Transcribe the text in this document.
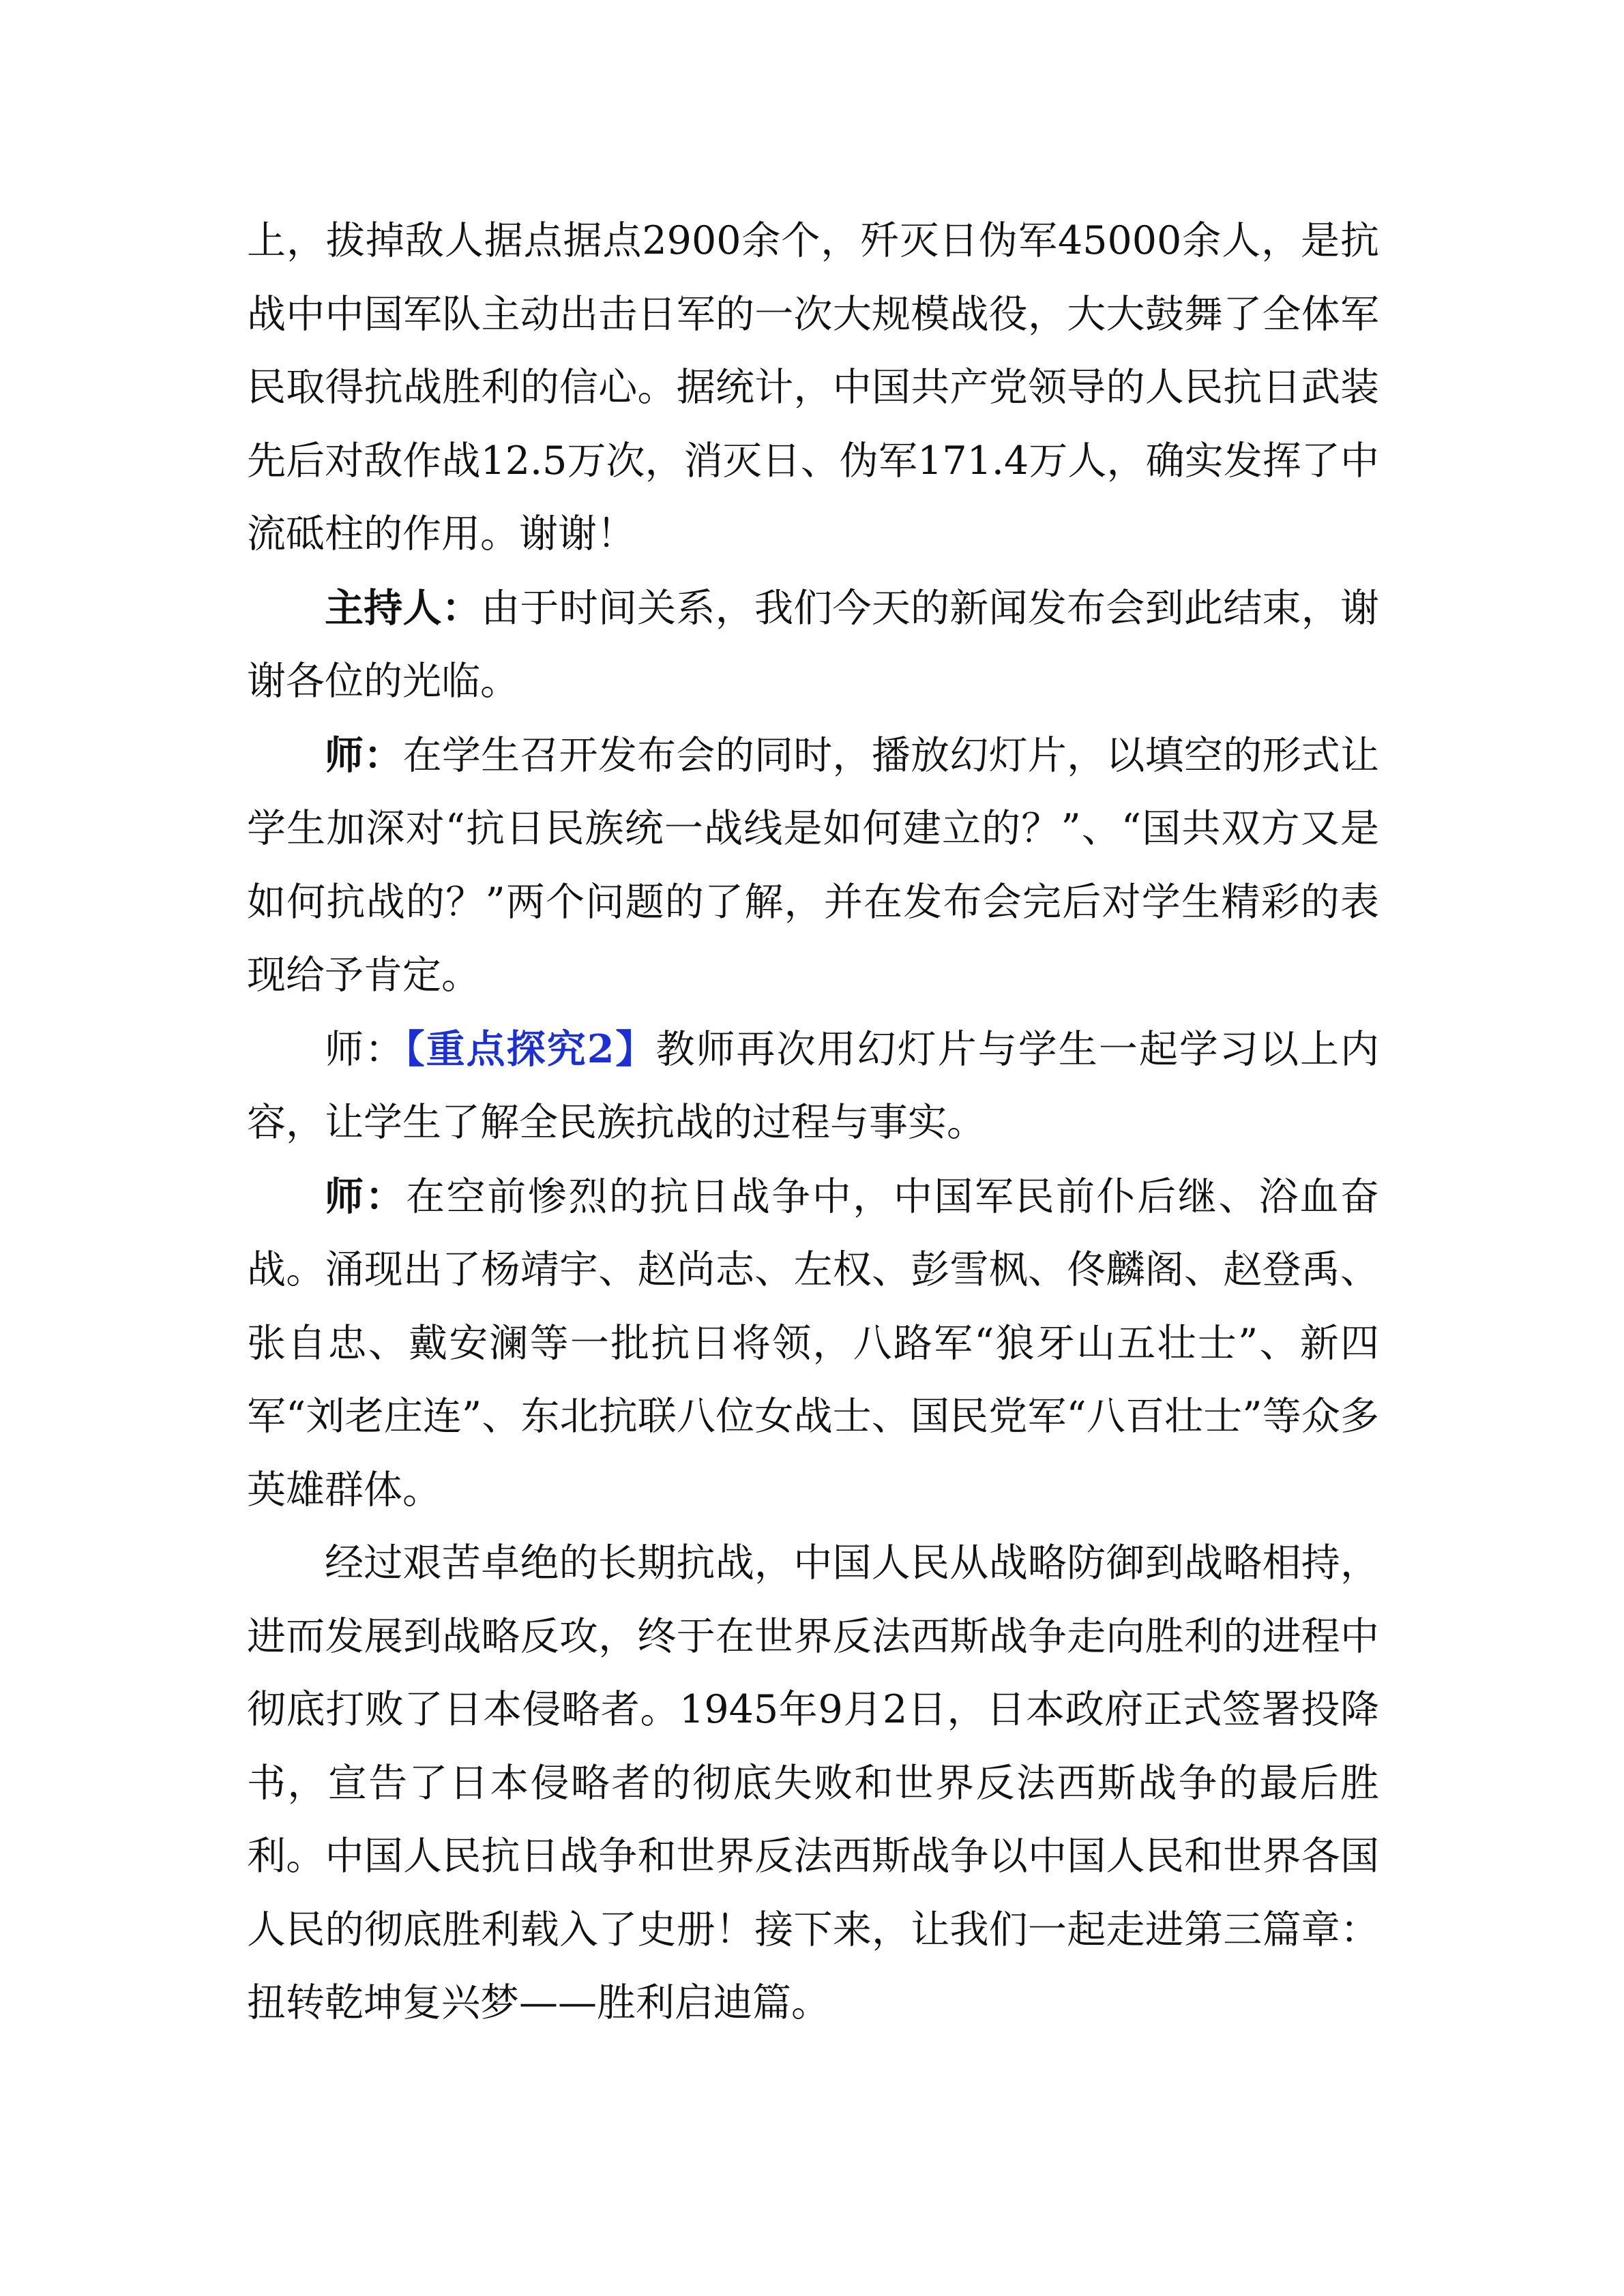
上，拔掉敌人据点据点2900余个，歼灭日伪军45000余人，是抗战中中国军队主动出击日军的一次大规模战役，大大鼓舞了全体军民取得抗战胜利的信心。据统计，中国共产党领导的人民抗日武装先后对敌作战12.5万次，消灭日、伪军171.4万人，确实发挥了中流砥柱的作用。谢谢！

主持人：由于时间关系，我们今天的新闻发布会到此结束，谢谢各位的光临。

师：在学生召开发布会的同时，播放幻灯片，以填空的形式让学生加深对“抗日民族统一战线是如何建立的？”、“国共双方又是如何抗战的？”两个问题的了解，并在发布会完后对学生精彩的表现给予肯定。

师：【重点探究2】教师再次用幻灯片与学生一起学习以上内容，让学生了解全民族抗战的过程与事实。

师：在空前惨烈的抗日战争中，中国军民前仆后继、浴血奋战。涌现出了杨靖宇、赵尚志、左权、彭雪枫、佟麟阁、赵登禹、张自忠、戴安澜等一批抗日将领，八路军“狼牙山五壮士”、新四军“刘老庄连”、东北抗联八位女战士、国民党军“八百壮士”等众多英雄群体。

经过艰苦卓绝的长期抗战，中国人民从战略防御到战略相持，进而发展到战略反攻，终于在世界反法西斯战争走向胜利的进程中彻底打败了日本侵略者。1945年9月2日，日本政府正式签署投降书，宣告了日本侵略者的彻底失败和世界反法西斯战争的最后胜利。中国人民抗日战争和世界反法西斯战争以中国人民和世界各国人民的彻底胜利载入了史册！接下来，让我们一起走进第三篇章：扭转乾坤复兴梦——胜利启迪篇。
